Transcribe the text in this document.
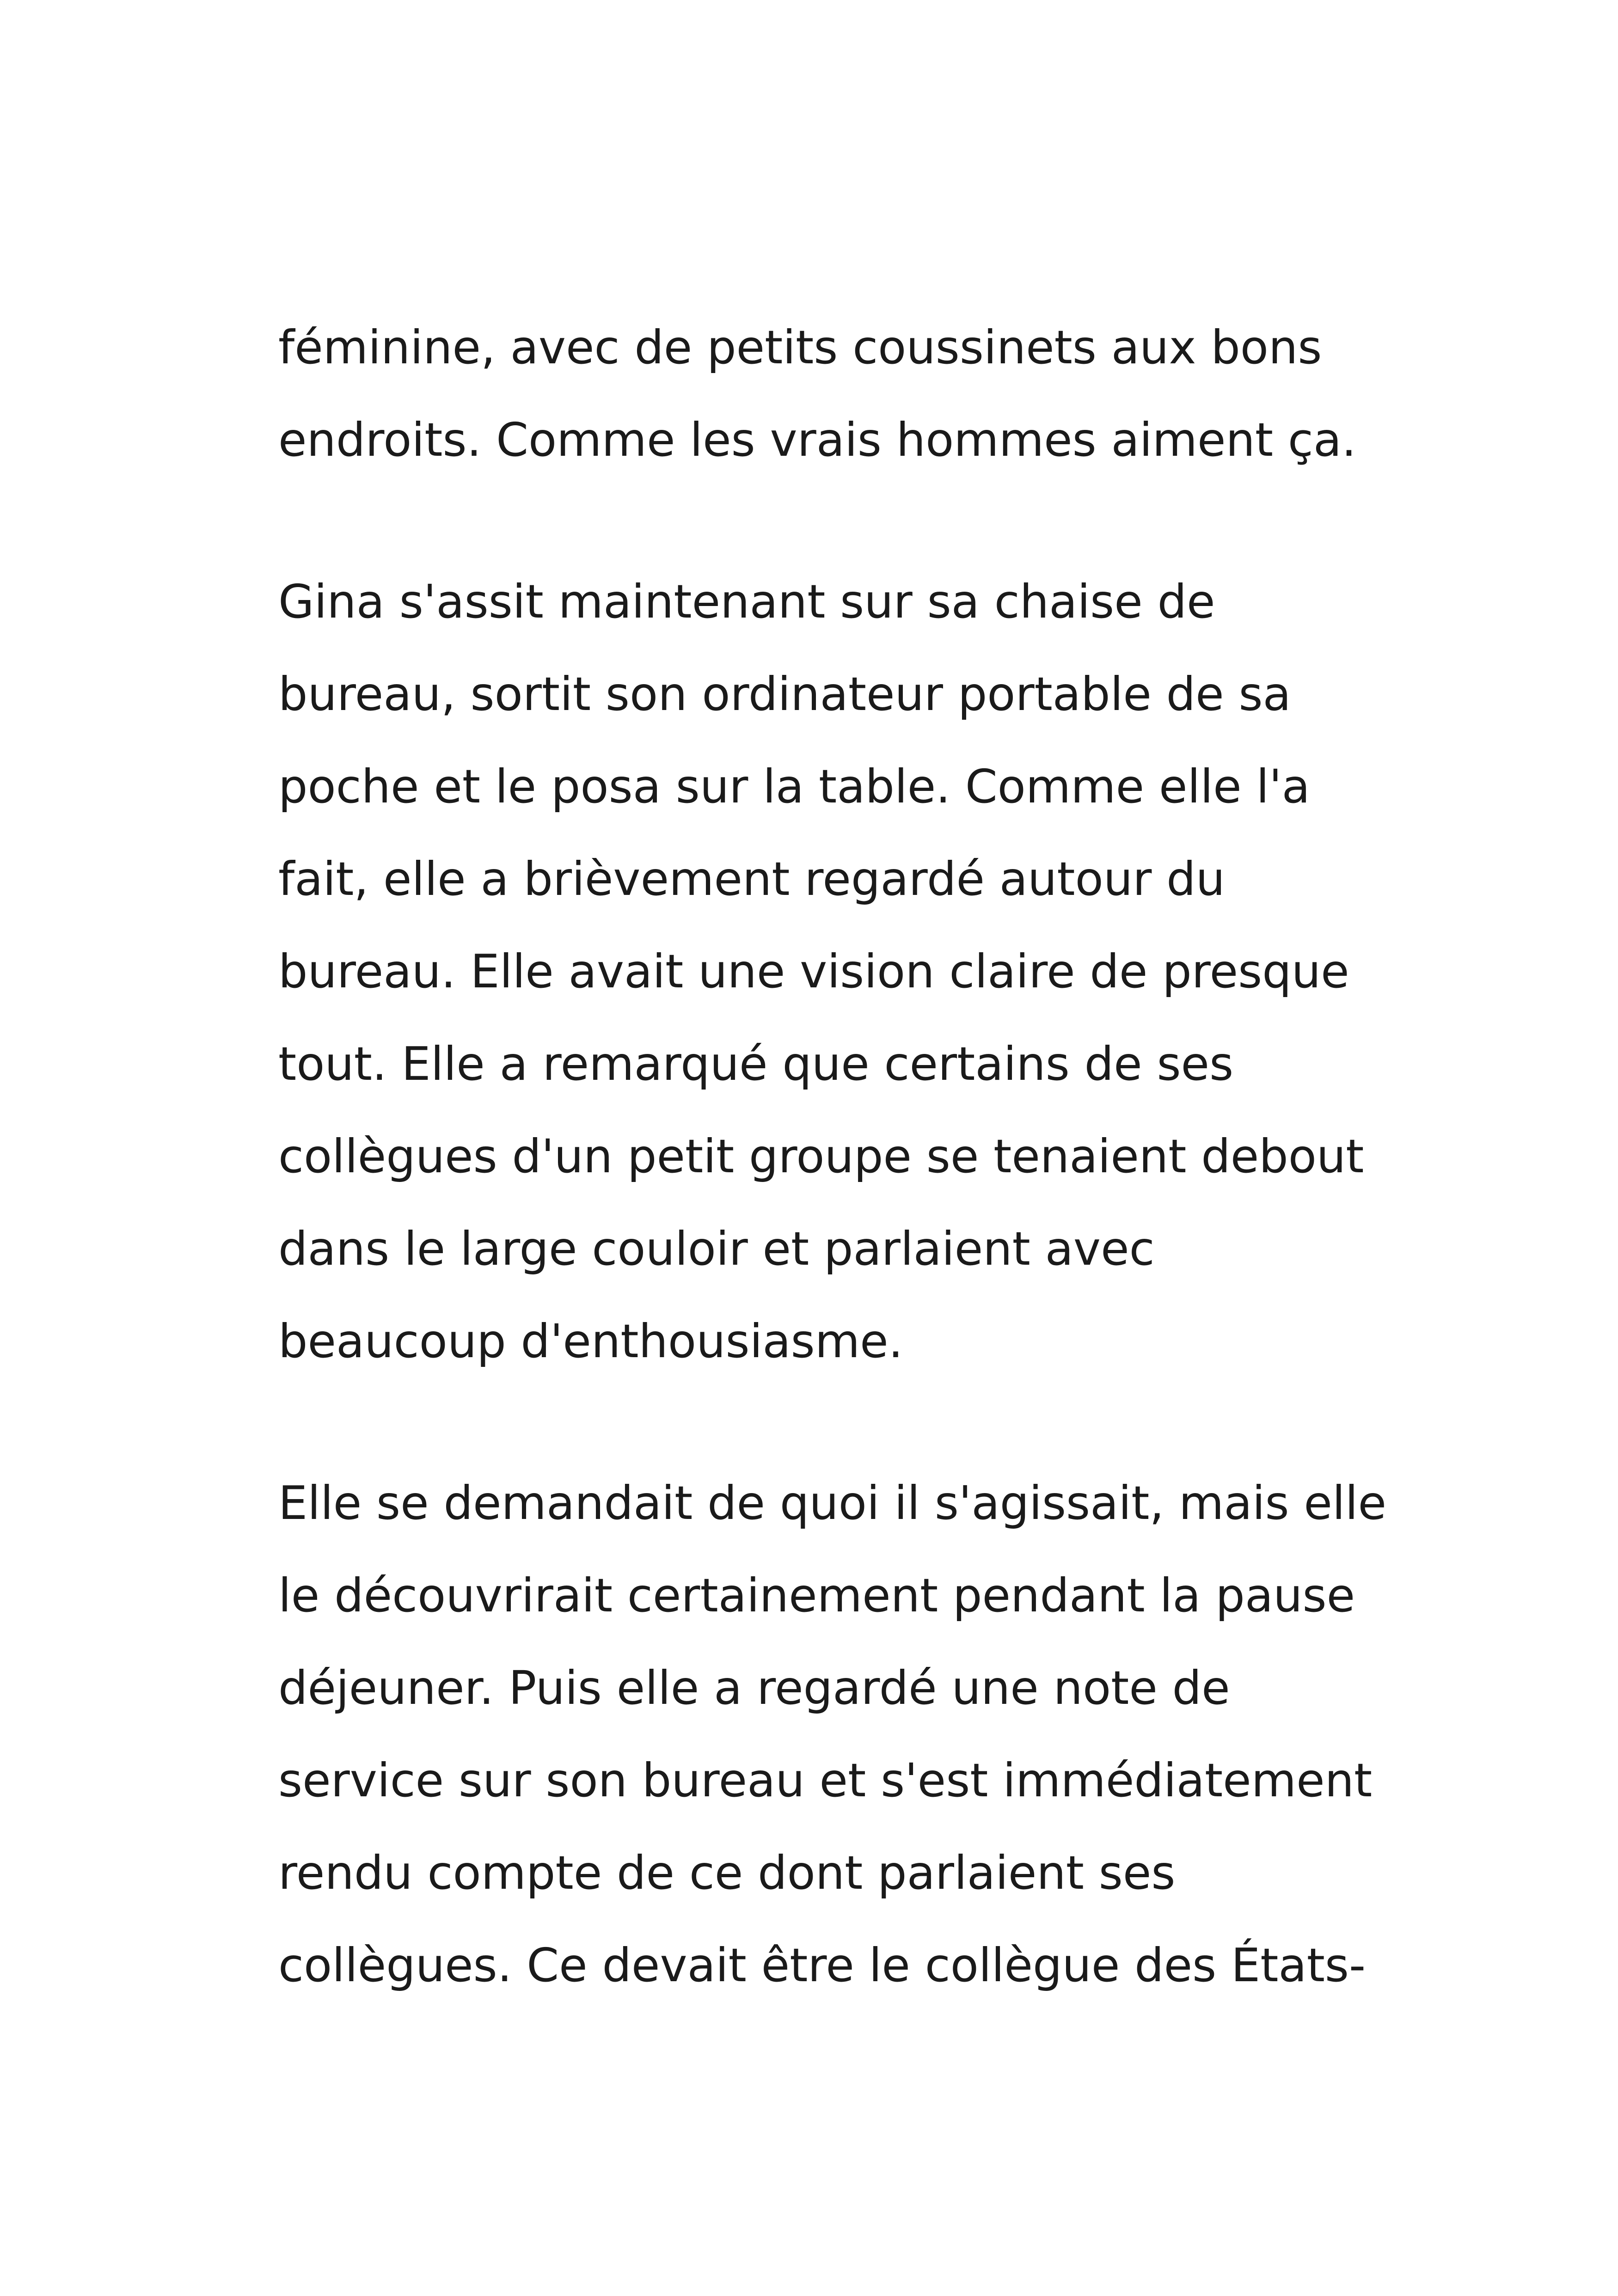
féminine, avec de petits coussinets aux bons
endroits. Comme les vrais hommes aiment ça.

Gina s'assit maintenant sur sa chaise de
bureau, sortit son ordinateur portable de sa
poche et le posa sur la table. Comme elle l'a
fait, elle a brièvement regardé autour du
bureau. Elle avait une vision claire de presque
tout. Elle a remarqué que certains de ses
collègues d'un petit groupe se tenaient debout
dans le large couloir et parlaient avec
beaucoup d'enthousiasme.

Elle se demandait de quoi il s'agissait, mais elle
le découvrirait certainement pendant la pause
déjeuner. Puis elle a regardé une note de
service sur son bureau et s'est immédiatement
rendu compte de ce dont parlaient ses
collègues. Ce devait être le collègue des États-
